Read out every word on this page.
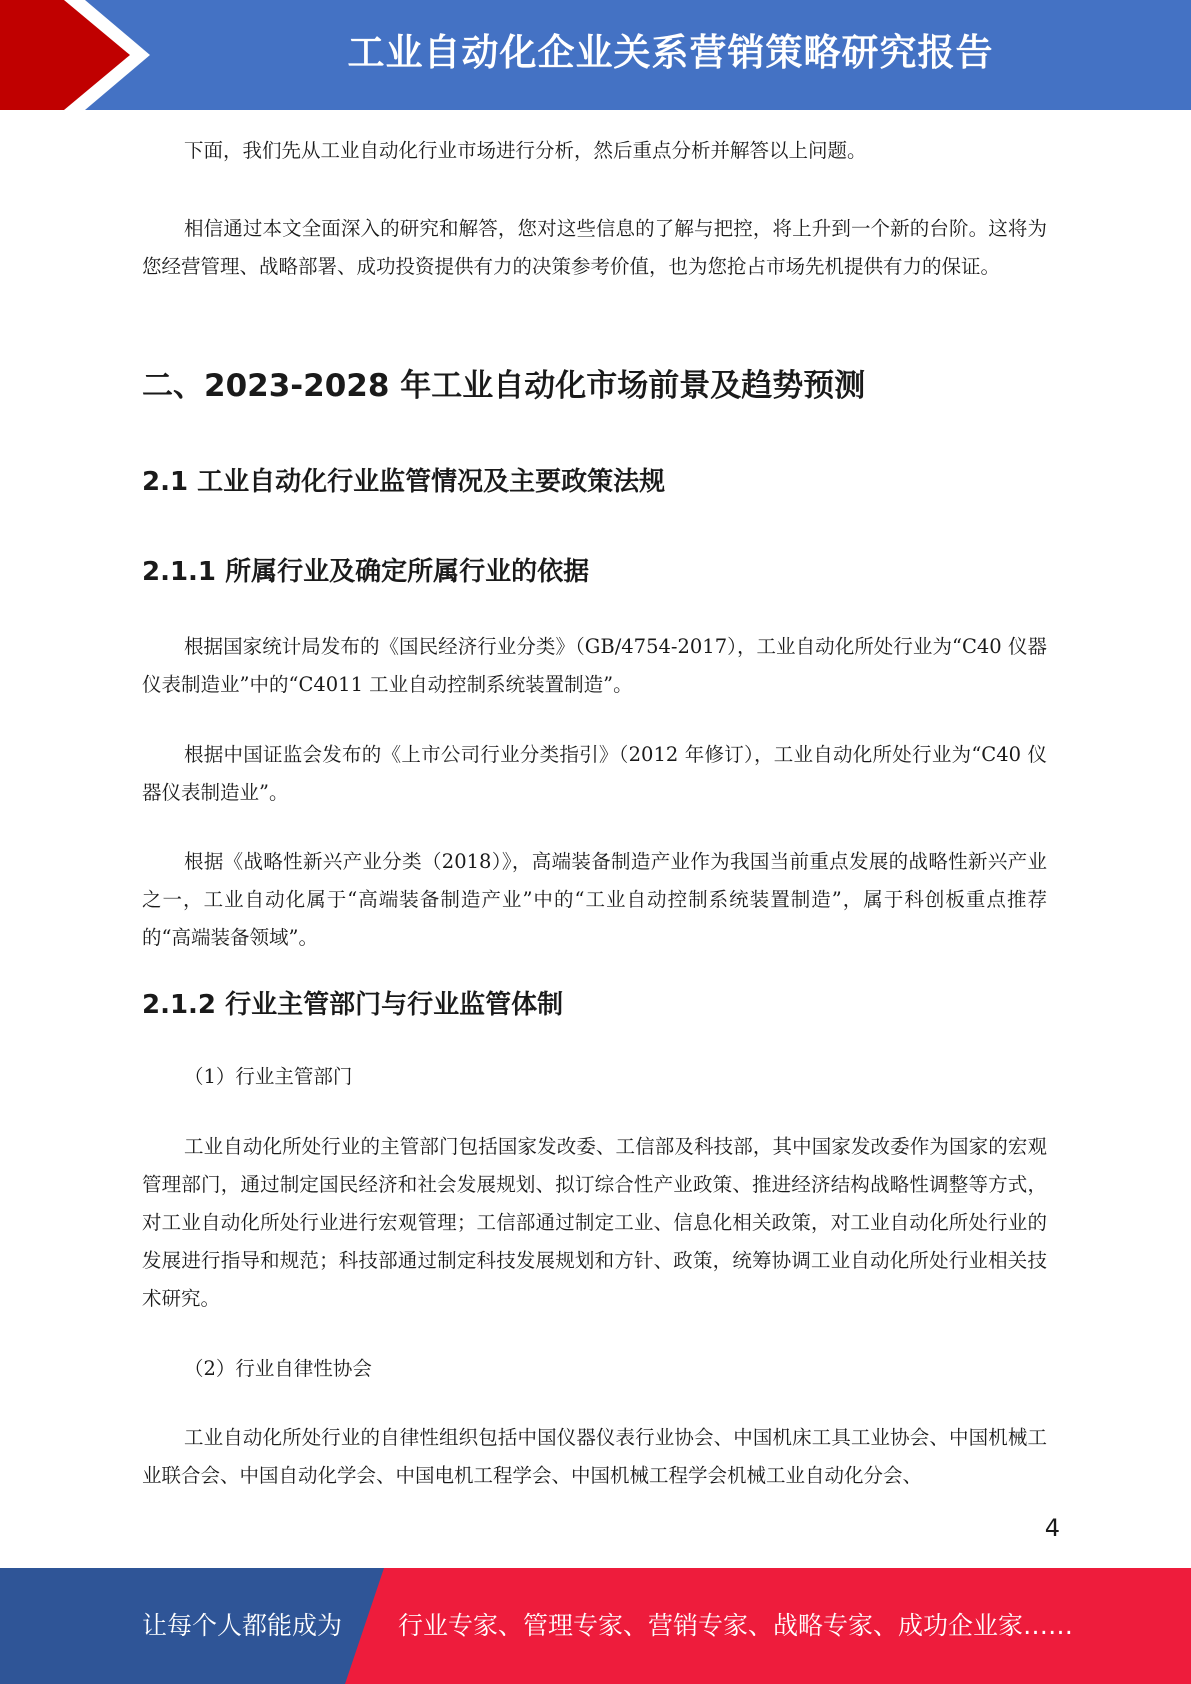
工业自动化企业关系营销策略研究报告

下面，我们先从工业自动化行业市场进行分析，然后重点分析并解答以上问题。

相信通过本文全面深入的研究和解答，您对这些信息的了解与把控，将上升到一个新的台阶。这将为您经营管理、战略部署、成功投资提供有力的决策参考价值，也为您抢占市场先机提供有力的保证。

二、2023-2028 年工业自动化市场前景及趋势预测
2.1 工业自动化行业监管情况及主要政策法规
2.1.1 所属行业及确定所属行业的依据

根据国家统计局发布的《国民经济行业分类》（GB/4754-2017），工业自动化所处行业为“C40 仪器仪表制造业”中的“C4011 工业自动控制系统装置制造”。

根据中国证监会发布的《上市公司行业分类指引》（2012 年修订），工业自动化所处行业为“C40 仪器仪表制造业”。

根据《战略性新兴产业分类（2018）》，高端装备制造产业作为我国当前重点发展的战略性新兴产业之一，工业自动化属于“高端装备制造产业”中的“工业自动控制系统装置制造”，属于科创板重点推荐的“高端装备领域”。

2.1.2 行业主管部门与行业监管体制

（1）行业主管部门

工业自动化所处行业的主管部门包括国家发改委、工信部及科技部，其中国家发改委作为国家的宏观管理部门，通过制定国民经济和社会发展规划、拟订综合性产业政策、推进经济结构战略性调整等方式，对工业自动化所处行业进行宏观管理；工信部通过制定工业、信息化相关政策，对工业自动化所处行业的发展进行指导和规范；科技部通过制定科技发展规划和方针、政策，统筹协调工业自动化所处行业相关技术研究。

（2）行业自律性协会

工业自动化所处行业的自律性组织包括中国仪器仪表行业协会、中国机床工具工业协会、中国机械工业联合会、中国自动化学会、中国电机工程学会、中国机械工程学会机械工业自动化分会、

4
让每个人都能成为 行业专家、管理专家、营销专家、战略专家、成功企业家……
